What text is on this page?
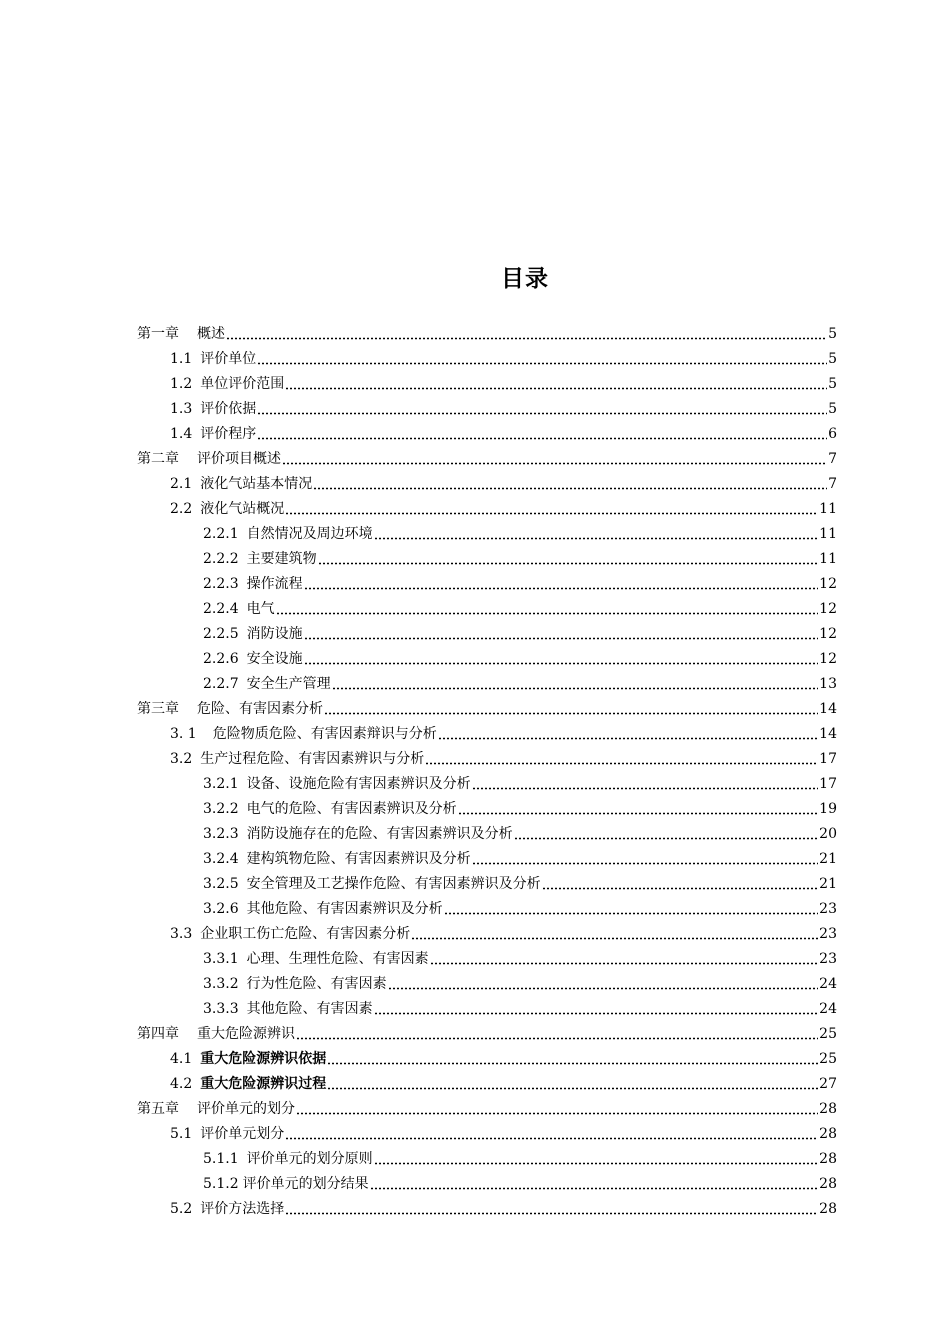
目录
第一章 概述	5
1.1 评价单位	5
1.2 单位评价范围	5
1.3 评价依据	5
1.4 评价程序	6
第二章 评价项目概述	7
2.1 液化气站基本情况	7
2.2 液化气站概况	11
2.2.1 自然情况及周边环境	11
2.2.2 主要建筑物	11
2.2.3 操作流程	12
2.2.4 电气	12
2.2.5 消防设施	12
2.2.6 安全设施	12
2.2.7 安全生产管理	13
第三章 危险、有害因素分析	14
3. 1 危险物质危险、有害因素辩识与分析	14
3.2 生产过程危险、有害因素辨识与分析	17
3.2.1 设备、设施危险有害因素辨识及分析	17
3.2.2 电气的危险、有害因素辨识及分析	19
3.2.3 消防设施存在的危险、有害因素辨识及分析	20
3.2.4 建构筑物危险、有害因素辨识及分析	21
3.2.5 安全管理及工艺操作危险、有害因素辨识及分析	21
3.2.6 其他危险、有害因素辨识及分析	23
3.3 企业职工伤亡危险、有害因素分析	23
3.3.1 心理、生理性危险、有害因素	23
3.3.2 行为性危险、有害因素	24
3.3.3 其他危险、有害因素	24
第四章 重大危险源辨识	25
4.1 重大危险源辨识依据	25
4.2 重大危险源辨识过程	27
第五章 评价单元的划分	28
5.1 评价单元划分	28
5.1.1 评价单元的划分原则	28
5.1.2 评价单元的划分结果	28
5.2 评价方法选择	28
